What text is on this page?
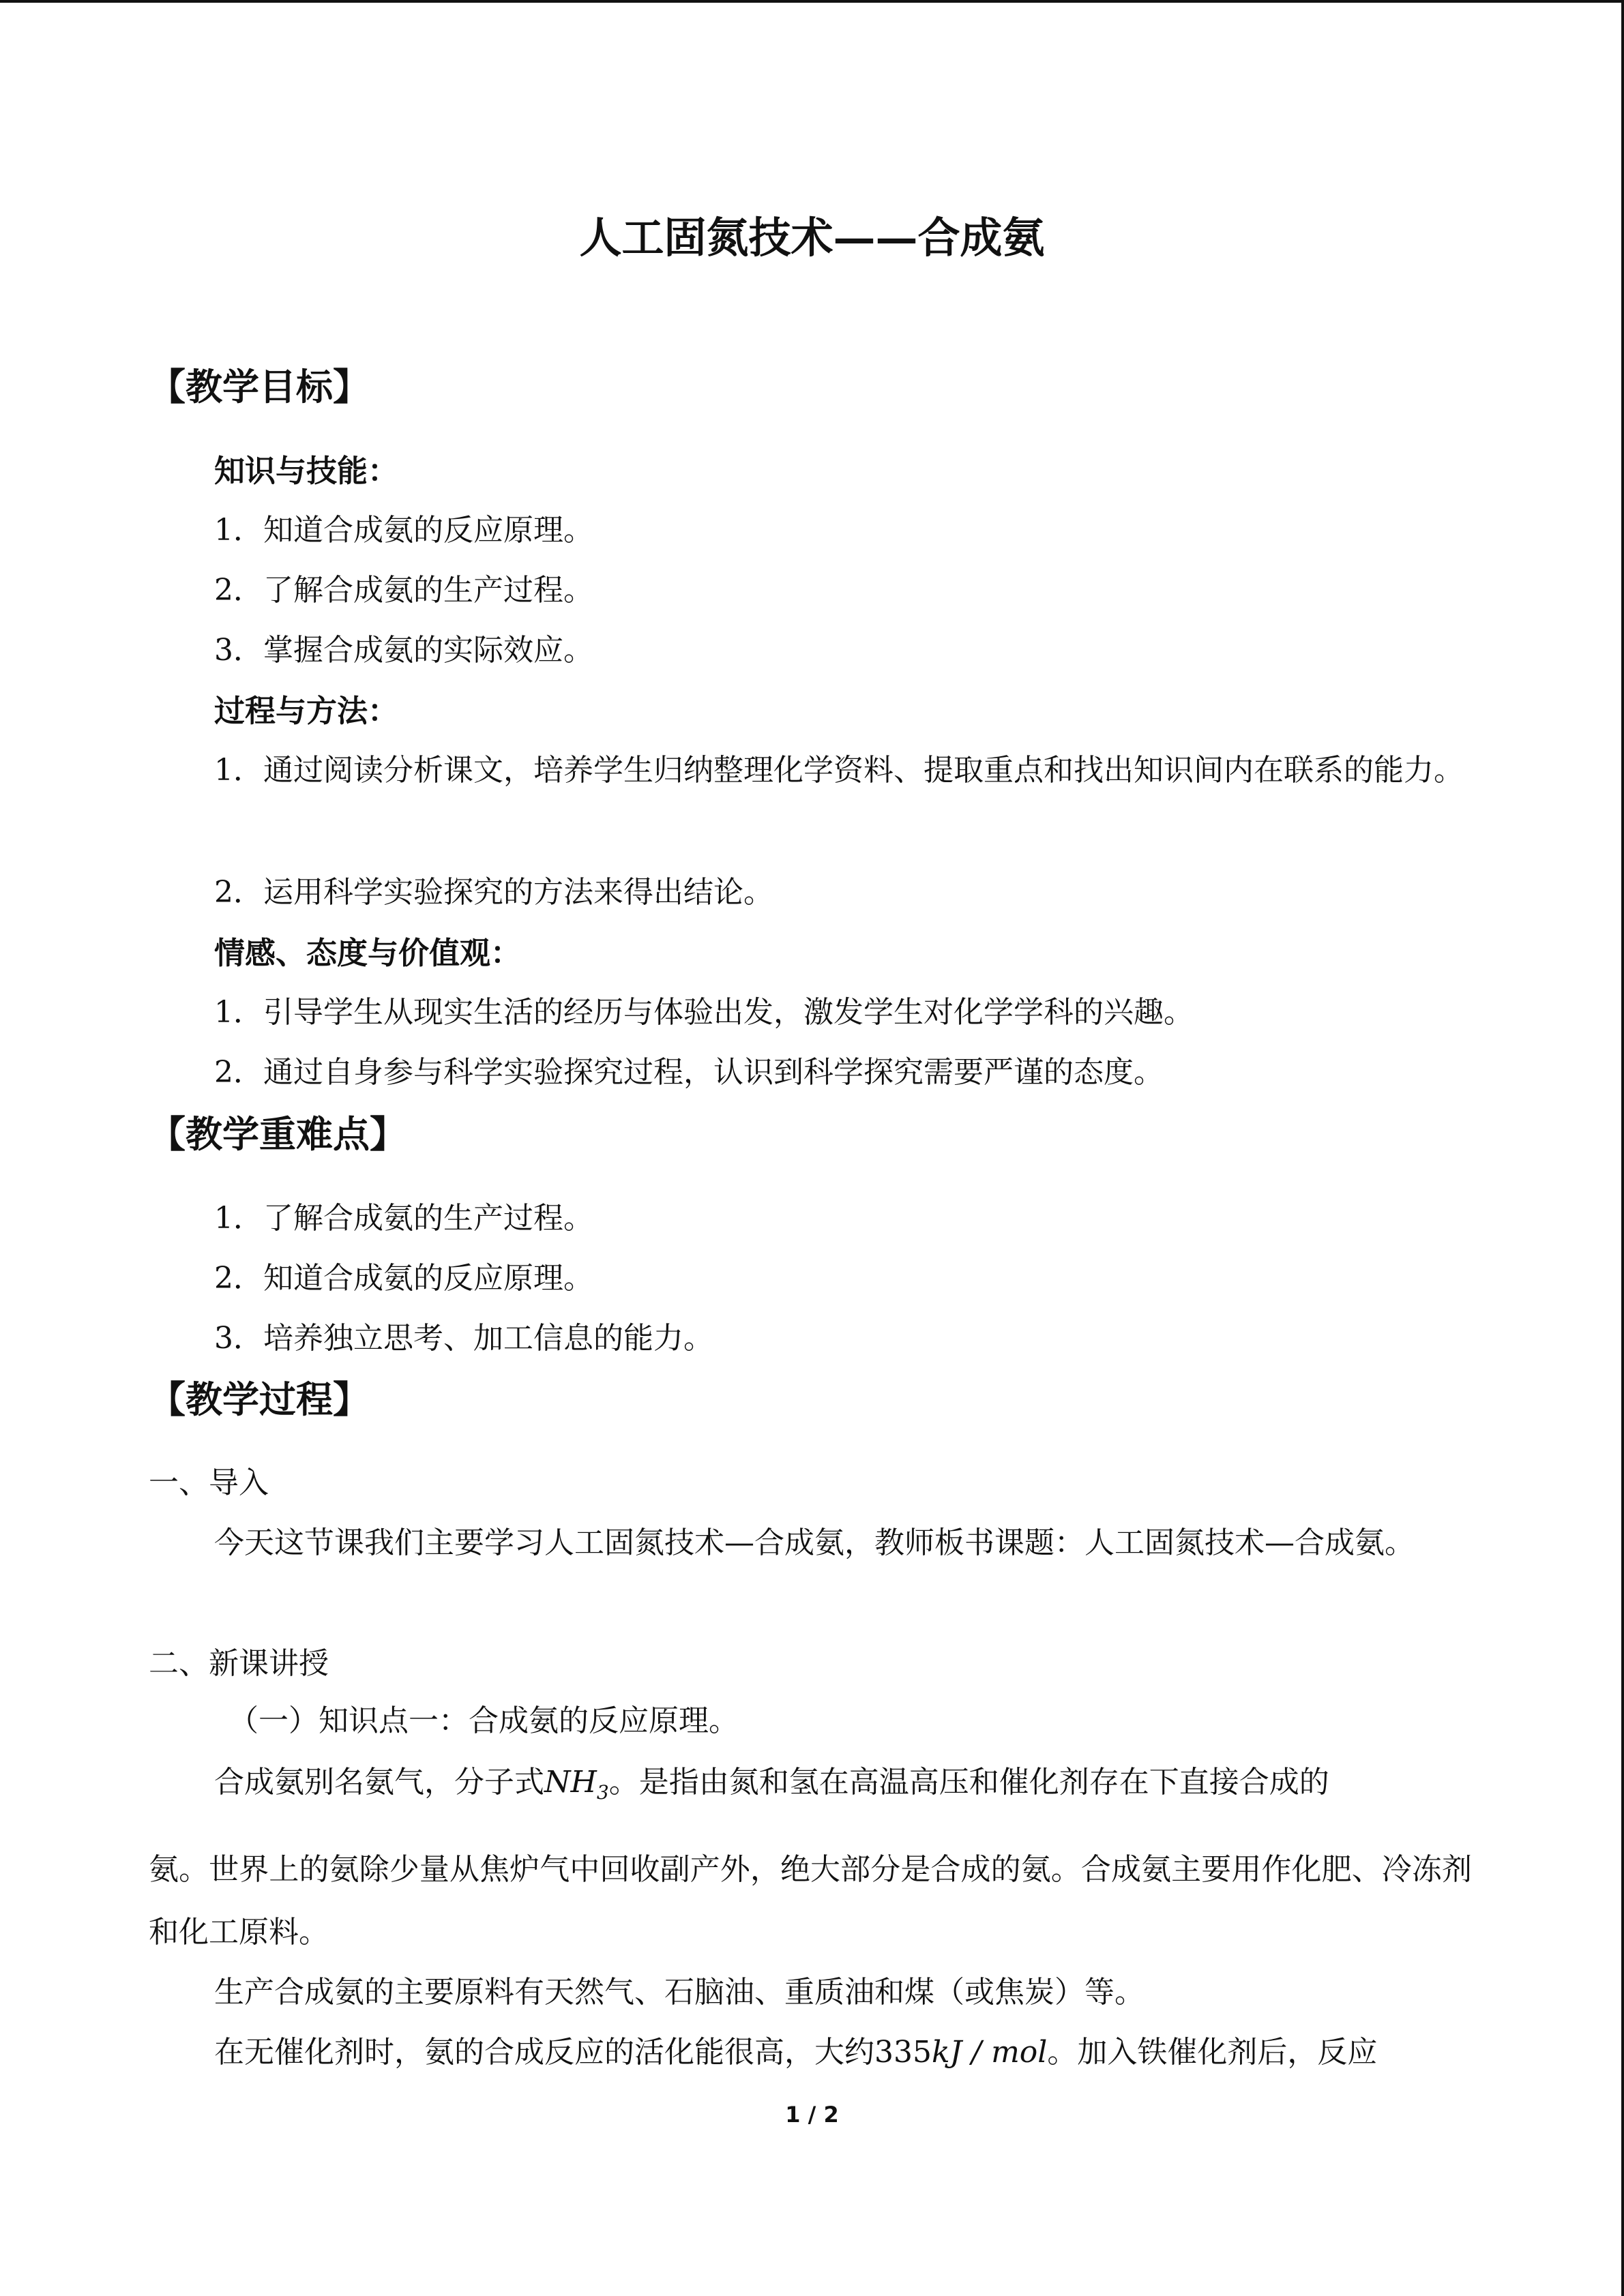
人工固氮技术——合成氨
【教学目标】
知识与技能：
1．知道合成氨的反应原理。
2．了解合成氨的生产过程。
3．掌握合成氨的实际效应。
过程与方法：
1．通过阅读分析课文，培养学生归纳整理化学资料、提取重点和找出知识间内在联系的能力。
2．运用科学实验探究的方法来得出结论。
情感、态度与价值观：
1．引导学生从现实生活的经历与体验出发，激发学生对化学学科的兴趣。
2．通过自身参与科学实验探究过程，认识到科学探究需要严谨的态度。
【教学重难点】
1．了解合成氨的生产过程。
2．知道合成氨的反应原理。
3．培养独立思考、加工信息的能力。
【教学过程】
一、导入
今天这节课我们主要学习人工固氮技术—合成氨，教师板书课题：人工固氮技术—合成氨。
二、新课讲授
（一）知识点一：合成氨的反应原理。
合成氨别名氨气，分子式$NH_3$。是指由氮和氢在高温高压和催化剂存在下直接合成的
氨。世界上的氨除少量从焦炉气中回收副产外，绝大部分是合成的氨。合成氨主要用作化肥、冷冻剂和化工原料。
生产合成氨的主要原料有天然气、石脑油、重质油和煤（或焦炭）等。
在无催化剂时，氨的合成反应的活化能很高，大约335kJ / mol。加入铁催化剂后，反应
1 / 2
